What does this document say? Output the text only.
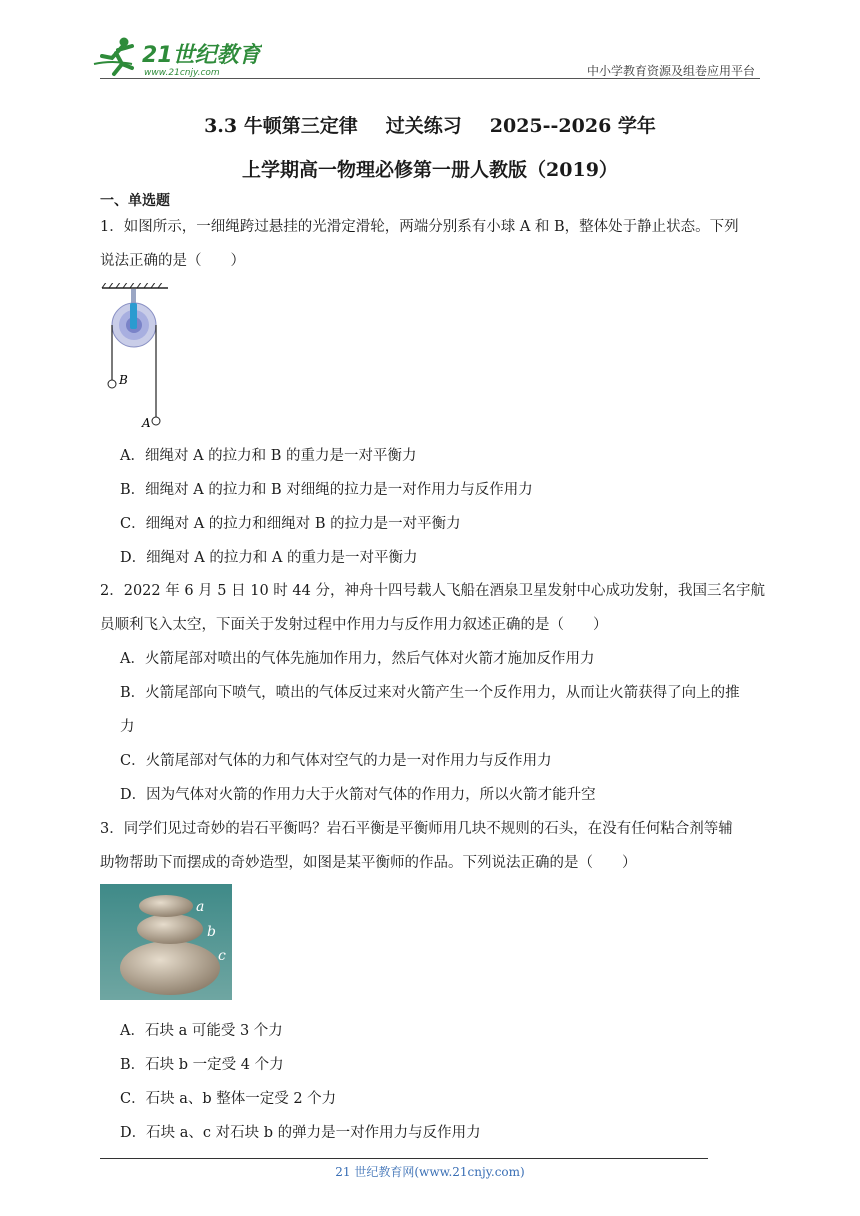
21世纪教育
www.21cnjy.com	中小学教育资源及组卷应用平台
3.3 牛顿第三定律 过关练习 2025--2026 学年
上学期高一物理必修第一册人教版（2019）
一、单选题
1．如图所示，一细绳跨过悬挂的光滑定滑轮，两端分别系有小球 A 和 B，整体处于静止状态。下列
说法正确的是（　　）
B
A
A．细绳对 A 的拉力和 B 的重力是一对平衡力
B．细绳对 A 的拉力和 B 对细绳的拉力是一对作用力与反作用力
C．细绳对 A 的拉力和细绳对 B 的拉力是一对平衡力
D．细绳对 A 的拉力和 A 的重力是一对平衡力
2．2022 年 6 月 5 日 10 时 44 分，神舟十四号载人飞船在酒泉卫星发射中心成功发射，我国三名宇航
员顺利飞入太空，下面关于发射过程中作用力与反作用力叙述正确的是（　　）
A．火箭尾部对喷出的气体先施加作用力，然后气体对火箭才施加反作用力
B．火箭尾部向下喷气，喷出的气体反过来对火箭产生一个反作用力，从而让火箭获得了向上的推
力
C．火箭尾部对气体的力和气体对空气的力是一对作用力与反作用力
D．因为气体对火箭的作用力大于火箭对气体的作用力，所以火箭才能升空
3．同学们见过奇妙的岩石平衡吗？岩石平衡是平衡师用几块不规则的石头，在没有任何粘合剂等辅
助物帮助下而摆成的奇妙造型，如图是某平衡师的作品。下列说法正确的是（　　）
a
b
c
A．石块 a 可能受 3 个力
B．石块 b 一定受 4 个力
C．石块 a、b 整体一定受 2 个力
D．石块 a、c 对石块 b 的弹力是一对作用力与反作用力
21 世纪教育网(www.21cnjy.com)
